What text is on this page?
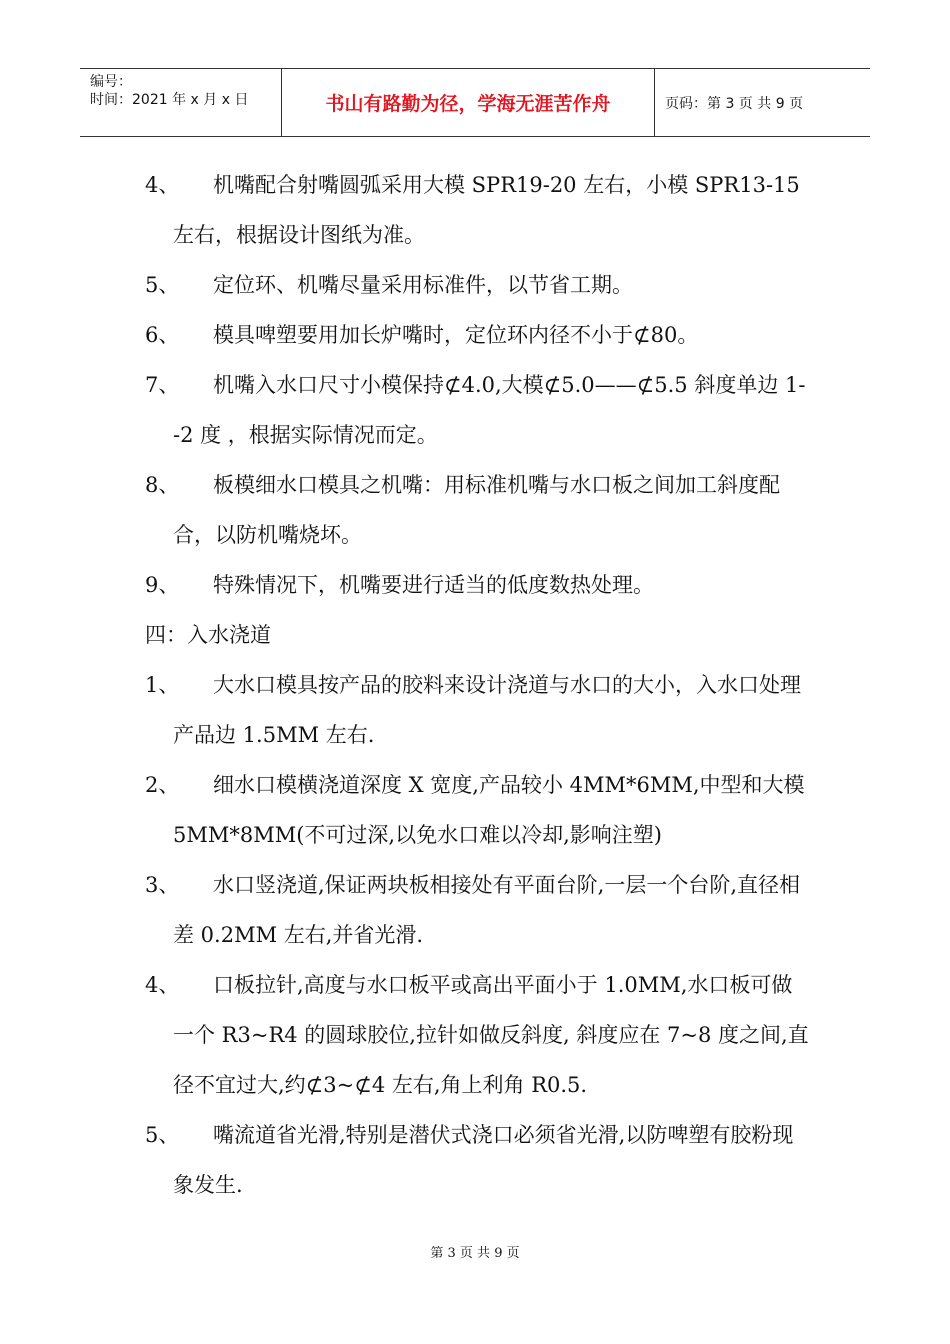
编号：
时间：2021 年 x 月 x 日	书山有路勤为径，学海无涯苦作舟	页码：第 3 页 共 9 页
4、	机嘴配合射嘴圆弧采用大模 SPR19-20 左右，小模 SPR13-15 左右，根据设计图纸为准。
5、	定位环、机嘴尽量采用标准件，以节省工期。
6、	模具啤塑要用加长炉嘴时，定位环内径不小于⊄80。
7、	机嘴入水口尺寸小模保持⊄4.0,大模⊄5.0——⊄5.5 斜度单边 1--2 度 ，根据实际情况而定。
8、	板模细水口模具之机嘴：用标准机嘴与水口板之间加工斜度配合，以防机嘴烧坏。
9、	特殊情况下，机嘴要进行适当的低度数热处理。
四：入水浇道
1、	大水口模具按产品的胶料来设计浇道与水口的大小，入水口处理产品边 1.5MM 左右.
2、	细水口模横浇道深度 X 宽度,产品较小 4MM*6MM,中型和大模 5MM*8MM(不可过深,以免水口难以冷却,影响注塑)
3、	水口竖浇道,保证两块板相接处有平面台阶,一层一个台阶,直径相差 0.2MM 左右,并省光滑.
4、	口板拉针,高度与水口板平或高出平面小于 1.0MM,水口板可做一个 R3~R4 的圆球胶位,拉针如做反斜度, 斜度应在 7~8 度之间,直径不宜过大,约⊄3~⊄4 左右,角上利角 R0.5.
5、	嘴流道省光滑,特别是潜伏式浇口必须省光滑,以防啤塑有胶粉现象发生.
第 3 页 共 9 页
